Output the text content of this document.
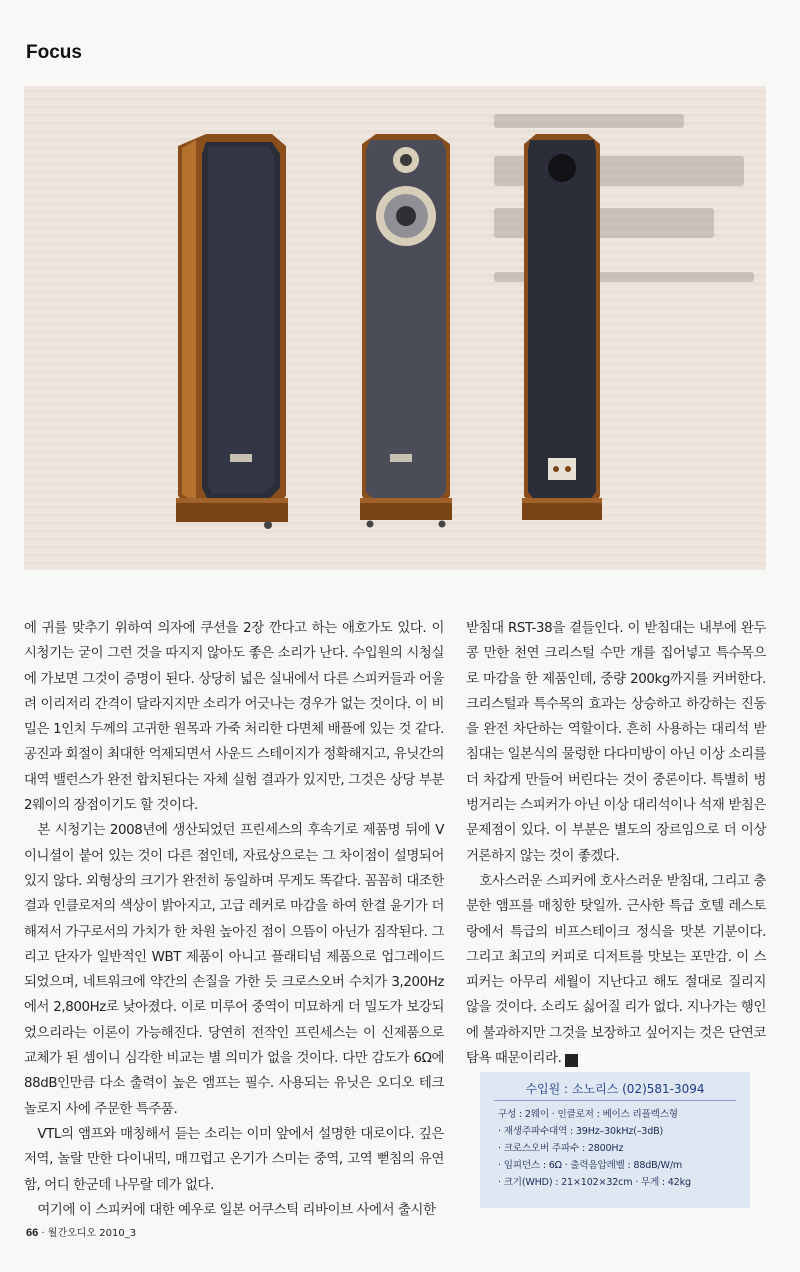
Focus

에 귀를 맞추기 위하여 의자에 쿠션을 2장 깐다고 하는 애호가도 있다. 이 시청기는 굳이 그런 것을 따지지 않아도 좋은 소리가 난다. 수입원의 시청실에 가보면 그것이 증명이 된다. 상당히 넓은 실내에서 다른 스피커들과 어울려 이리저리 간격이 달라지지만 소리가 어긋나는 경우가 없는 것이다. 이 비밀은 1인치 두께의 고귀한 원목과 가죽 처리한 다면체 배플에 있는 것 같다. 공진과 회절이 최대한 억제되면서 사운드 스테이지가 정확해지고, 유닛간의 대역 밸런스가 완전 합치된다는 자체 실험 결과가 있지만, 그것은 상당 부분 2웨이의 장점이기도 할 것이다.

본 시청기는 2008년에 생산되었던 프린세스의 후속기로 제품명 뒤에 V 이니셜이 붙어 있는 것이 다른 점인데, 자료상으로는 그 차이점이 설명되어 있지 않다. 외형상의 크기가 완전히 동일하며 무게도 똑같다. 꼼꼼히 대조한 결과 인클로저의 색상이 밝아지고, 고급 레커로 마감을 하여 한결 윤기가 더해져서 가구로서의 가치가 한 차원 높아진 점이 으뜸이 아닌가 짐작된다. 그리고 단자가 일반적인 WBT 제품이 아니고 플래티넘 제품으로 업그레이드되었으며, 네트워크에 약간의 손질을 가한 듯 크로스오버 수치가 3,200Hz에서 2,800Hz로 낮아졌다. 이로 미루어 중역이 미묘하게 더 밀도가 보강되었으리라는 이론이 가능해진다. 당연히 전작인 프린세스는 이 신제품으로 교체가 된 셈이니 심각한 비교는 별 의미가 없을 것이다. 다만 감도가 6Ω에 88dB인만큼 다소 출력이 높은 앰프는 필수. 사용되는 유닛은 오디오 테크놀로지 사에 주문한 특주품.

VTL의 앰프와 매칭해서 듣는 소리는 이미 앞에서 설명한 대로이다. 깊은 저역, 놀랄 만한 다이내믹, 매끄럽고 온기가 스미는 중역, 고역 뻗침의 유연함, 어디 한군데 나무랄 데가 없다.

여기에 이 스피커에 대한 예우로 일본 어쿠스틱 리바이브 사에서 출시한

받침대 RST-38을 곁들인다. 이 받침대는 내부에 완두콩 만한 천연 크리스털 수만 개를 집어넣고 특수목으로 마감을 한 제품인데, 중량 200kg까지를 커버한다. 크리스털과 특수목의 효과는 상승하고 하강하는 진동을 완전 차단하는 역할이다. 흔히 사용하는 대리석 받침대는 일본식의 물렁한 다다미방이 아닌 이상 소리를 더 차갑게 만들어 버린다는 것이 중론이다. 특별히 벙벙거리는 스피커가 아닌 이상 대리석이나 석재 받침은 문제점이 있다. 이 부분은 별도의 장르임으로 더 이상 거론하지 않는 것이 좋겠다.

호사스러운 스피커에 호사스러운 받침대, 그리고 충분한 앰프를 매칭한 탓일까. 근사한 특급 호텔 레스토랑에서 특급의 비프스테이크 정식을 맛본 기분이다. 그리고 최고의 커피로 디저트를 맛보는 포만감. 이 스피커는 아무리 세월이 지난다고 해도 절대로 질리지 않을 것이다. 소리도 싫어질 리가 없다. 지나가는 행인에 불과하지만 그것을 보장하고 싶어지는 것은 단연코 탐욕 때문이리라. A

수입원 : 소노리스 (02)581-3094
구성 : 2웨이 · 인클로저 : 베이스 리플렉스형
· 재생주파수대역 : 39Hz–30kHz(–3dB)
· 크로스오버 주파수 : 2800Hz
· 임피던스 : 6Ω · 출력음압레벨 : 88dB/W/m
· 크기(WHD) : 21×102×32cm · 무게 : 42kg
66 · 월간오디오 2010_3
